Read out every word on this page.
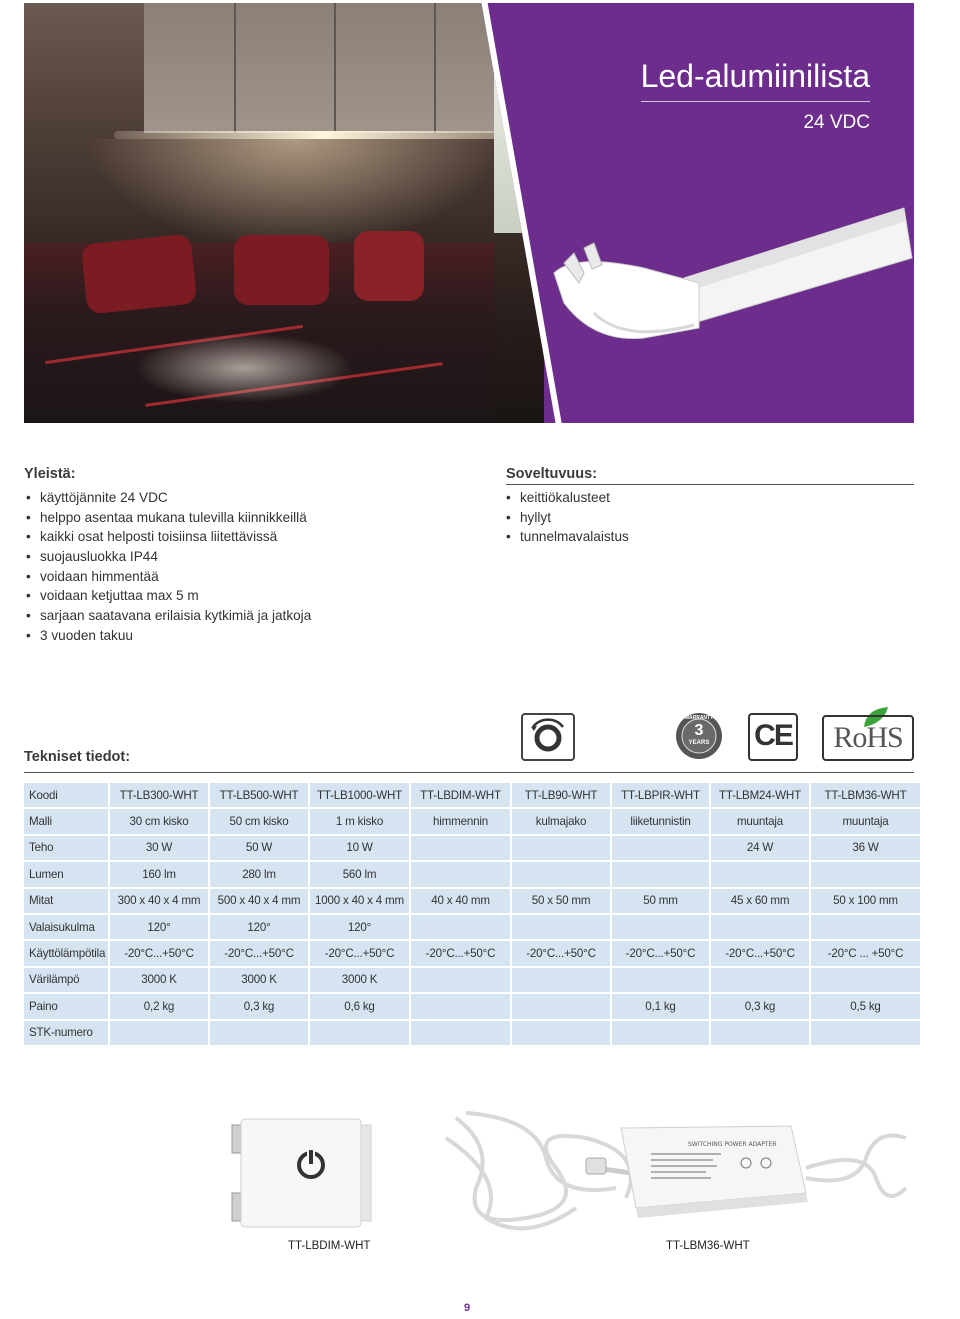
Led-alumiinilista
24 VDC
Yleistä:
• käyttöjännite 24 VDC
• helppo asentaa mukana tulevilla kiinnikkeillä
• kaikki osat helposti toisiinsa liitettävissä
• suojausluokka IP44
• voidaan himmentää
• voidaan ketjuttaa max 5 m
• sarjaan saatavana erilaisia kytkimiä ja jatkoja
• 3 vuoden takuu
Soveltuvuus:
• keittiökalusteet
• hyllyt
• tunnelmavalaistus
Tekniset tiedot:
WARRANTY
3
YEARS	CE	RoHS
Koodi	TT-LB300-WHT	TT-LB500-WHT	TT-LB1000-WHT	TT-LBDIM-WHT	TT-LB90-WHT	TT-LBPIR-WHT	TT-LBM24-WHT	TT-LBM36-WHT
Malli	30 cm kisko	50 cm kisko	1 m kisko	himmennin	kulmajako	liiketunnistin	muuntaja	muuntaja
Teho	30 W	50 W	10 W				24 W	36 W
Lumen	160 lm	280 lm	560 lm					
Mitat	300 x 40 x 4 mm	500 x 40 x 4 mm	1000 x 40 x 4 mm	40 x 40 mm	50 x 50 mm	50 mm	45 x 60 mm	50 x 100 mm
Valaisukulma	120°	120°	120°					
Käyttölämpötila	-20°C...+50°C	-20°C...+50°C	-20°C...+50°C	-20°C...+50°C	-20°C...+50°C	-20°C...+50°C	-20°C...+50°C	-20°C ... +50°C
Värilämpö	3000 K	3000 K	3000 K					
Paino	0,2 kg	0,3 kg	0,6 kg			0,1 kg	0,3 kg	0,5 kg
STK-numero								
TT-LBDIM-WHT
SWITCHING POWER ADAPTER
TT-LBM36-WHT
9
